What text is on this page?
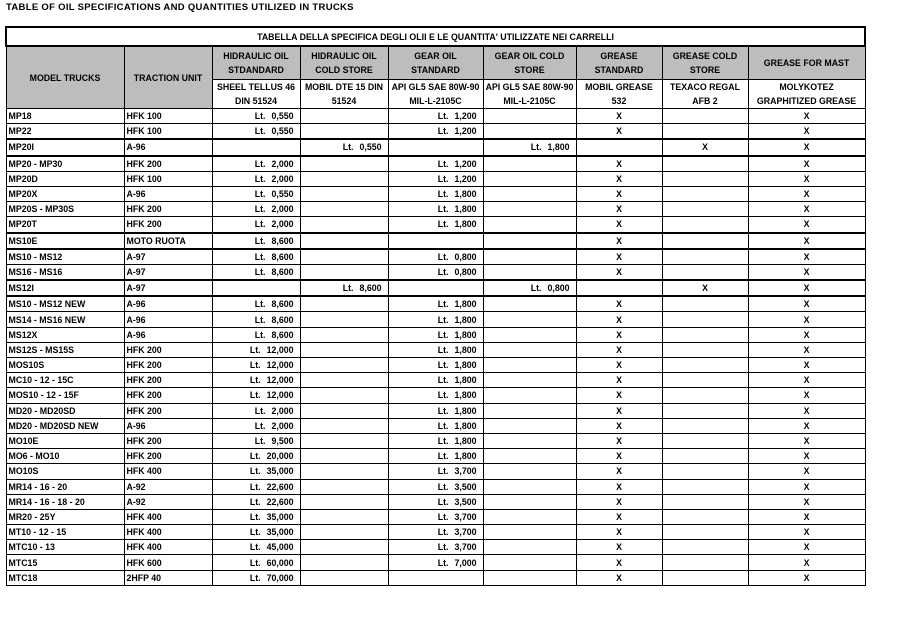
TABLE OF OIL SPECIFICATIONS AND QUANTITIES UTILIZED IN TRUCKS
TABELLA DELLA SPECIFICA DEGLI OLII E LE QUANTITA' UTILIZZATE NEI CARRELLI								
MODEL TRUCKS	TRACTION UNIT	HIDRAULIC OIL STDANDARD	HIDRAULIC OIL COLD STORE	GEAR OIL STANDARD	GEAR OIL COLD STORE	GREASE STANDARD	GREASE COLD STORE	GREASE FOR MAST
		SHEEL TELLUS 46 DIN 51524	MOBIL DTE 15 DIN 51524	API GL5 SAE 80W-90 MIL-L-2105C	API GL5 SAE 80W-90 MIL-L-2105C	MOBIL GREASE 532	TEXACO REGAL AFB 2	MOLYKOTEZ GRAPHITIZED GREASE
MP18	HFK 100	Lt. 0,550		Lt. 1,200		X		X
MP22	HFK 100	Lt. 0,550		Lt. 1,200		X		X
MP20I	A-96		Lt. 0,550		Lt. 1,800		X	X
MP20 - MP30	HFK 200	Lt. 2,000		Lt. 1,200		X		X
MP20D	HFK 100	Lt. 2,000		Lt. 1,200		X		X
MP20X	A-96	Lt. 0,550		Lt. 1,800		X		X
MP20S - MP30S	HFK 200	Lt. 2,000		Lt. 1,800		X		X
MP20T	HFK 200	Lt. 2,000		Lt. 1,800		X		X
MS10E	MOTO RUOTA	Lt. 8,600				X		X
MS10 - MS12	A-97	Lt. 8,600		Lt. 0,800		X		X
MS16 - MS16	A-97	Lt. 8,600		Lt. 0,800		X		X
MS12I	A-97		Lt. 8,600		Lt. 0,800		X	X
MS10 - MS12 NEW	A-96	Lt. 8,600		Lt. 1,800		X		X
MS14 - MS16 NEW	A-96	Lt. 8,600		Lt. 1,800		X		X
MS12X	A-96	Lt. 8,600		Lt. 1,800		X		X
MS12S - MS15S	HFK 200	Lt. 12,000		Lt. 1,800		X		X
MOS10S	HFK 200	Lt. 12,000		Lt. 1,800		X		X
MC10 - 12 - 15C	HFK 200	Lt. 12,000		Lt. 1,800		X		X
MOS10 - 12 - 15F	HFK 200	Lt. 12,000		Lt. 1,800		X		X
MD20 - MD20SD	HFK 200	Lt. 2,000		Lt. 1,800		X		X
MD20 - MD20SD NEW	A-96	Lt. 2,000		Lt. 1,800		X		X
MO10E	HFK 200	Lt. 9,500		Lt. 1,800		X		X
MO6 - MO10	HFK 200	Lt. 20,000		Lt. 1,800		X		X
MO10S	HFK 400	Lt. 35,000		Lt. 3,700		X		X
MR14 - 16 - 20	A-92	Lt. 22,600		Lt. 3,500		X		X
MR14 - 16 - 18 - 20	A-92	Lt. 22,600		Lt. 3,500		X		X
MR20 - 25Y	HFK 400	Lt. 35,000		Lt. 3,700		X		X
MT10 - 12 - 15	HFK 400	Lt. 35,000		Lt. 3,700		X		X
MTC10 - 13	HFK 400	Lt. 45,000		Lt. 3,700		X		X
MTC15	HFK 600	Lt. 60,000		Lt. 7,000		X		X
MTC18	2HFP 40	Lt. 70,000				X		X
